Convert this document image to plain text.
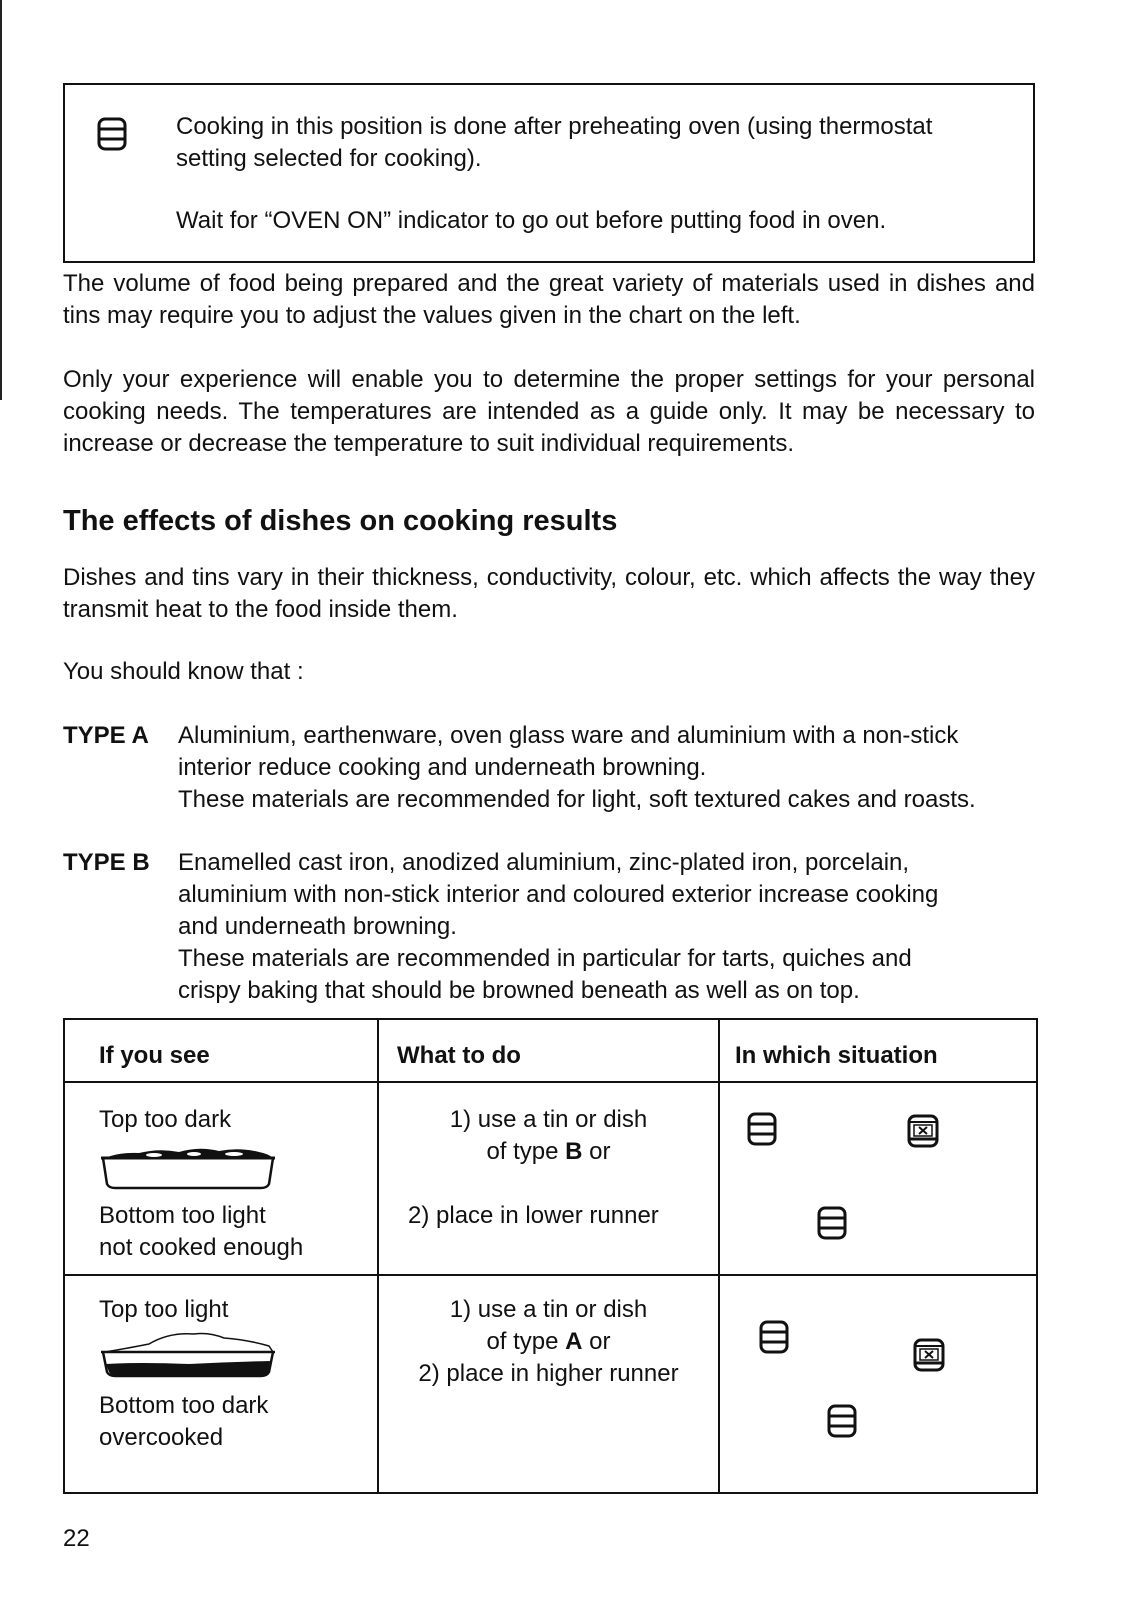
Cooking in this position is done after preheating oven (using thermostat
setting selected for cooking).
Wait for “OVEN ON” indicator to go out before putting food in oven.
The volume of food being prepared and the great variety of materials used in dishes and tins may require you to adjust the values given in the chart on the left.
Only your experience will enable you to determine the proper settings for your personal cooking needs. The temperatures are intended as a guide only. It may be necessary to increase or decrease the temperature to suit individual requirements.
The effects of dishes on cooking results
Dishes and tins vary in their thickness, conductivity, colour, etc. which affects the way they transmit heat to the food inside them.
You should know that :
TYPE A Aluminium, earthenware, oven glass ware and aluminium with a non-stick
interior reduce cooking and underneath browning.
These materials are recommended for light, soft textured cakes and roasts.
TYPE B Enamelled cast iron, anodized aluminium, zinc-plated iron, porcelain,
aluminium with non-stick interior and coloured exterior increase cooking
and underneath browning.
These materials are recommended in particular for tarts, quiches and
crispy baking that should be browned beneath as well as on top.
If you see	What to do	In which situation
Top too dark
Bottom too light
not cooked enough
1) use a tin or dish
of type B or
2) place in lower runner
Top too light
Bottom too dark
overcooked
1) use a tin or dish
of type A or
2) place in higher runner
22
